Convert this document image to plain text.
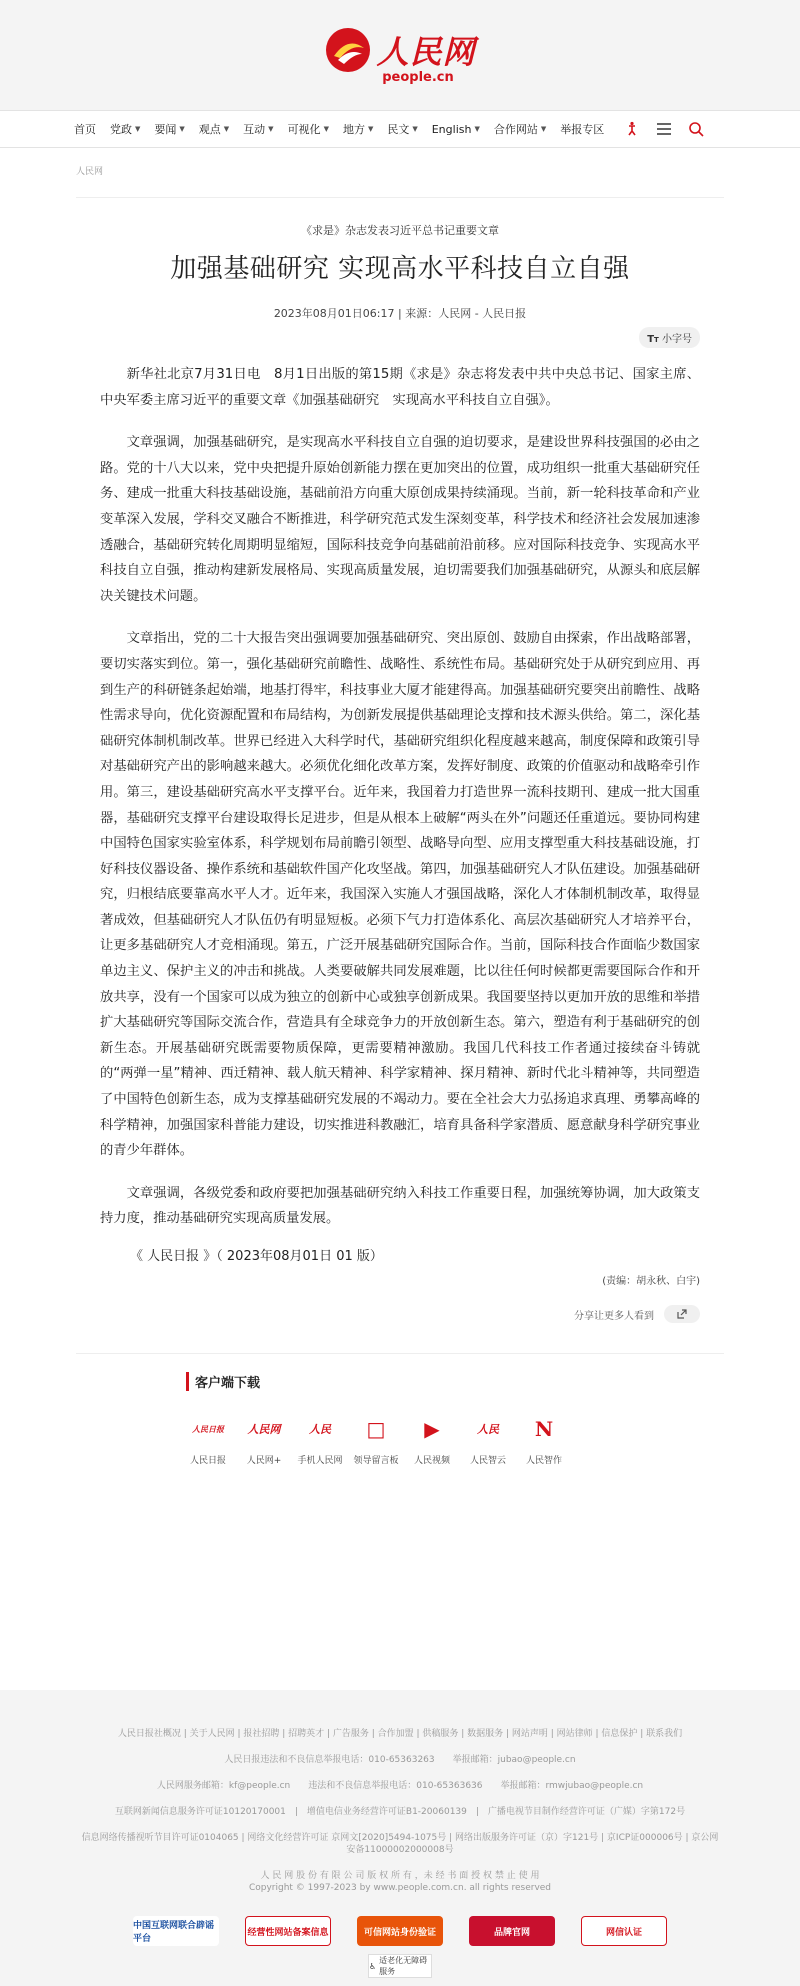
人民网
people.cn
首页 党政 ▼ 要闻 ▼ 观点 ▼ 互动 ▼ 可视化 ▼ 地方 ▼ 民文 ▼ English ▼ 合作网站 ▼ 举报专区
人民网
《求是》杂志发表习近平总书记重要文章
加强基础研究 实现高水平科技自立自强
2023年08月01日06:17 | 来源：人民网 - 人民日报
TT 小字号

新华社北京7月31日电　8月1日出版的第15期《求是》杂志将发表中共中央总书记、国家主席、中央军委主席习近平的重要文章《加强基础研究　实现高水平科技自立自强》。

文章强调，加强基础研究，是实现高水平科技自立自强的迫切要求，是建设世界科技强国的必由之路。党的十八大以来，党中央把提升原始创新能力摆在更加突出的位置，成功组织一批重大基础研究任务、建成一批重大科技基础设施，基础前沿方向重大原创成果持续涌现。当前，新一轮科技革命和产业变革深入发展，学科交叉融合不断推进，科学研究范式发生深刻变革，科学技术和经济社会发展加速渗透融合，基础研究转化周期明显缩短，国际科技竞争向基础前沿前移。应对国际科技竞争、实现高水平科技自立自强，推动构建新发展格局、实现高质量发展，迫切需要我们加强基础研究，从源头和底层解决关键技术问题。

文章指出，党的二十大报告突出强调要加强基础研究、突出原创、鼓励自由探索，作出战略部署，要切实落实到位。第一，强化基础研究前瞻性、战略性、系统性布局。基础研究处于从研究到应用、再到生产的科研链条起始端，地基打得牢，科技事业大厦才能建得高。加强基础研究要突出前瞻性、战略性需求导向，优化资源配置和布局结构，为创新发展提供基础理论支撑和技术源头供给。第二，深化基础研究体制机制改革。世界已经进入大科学时代，基础研究组织化程度越来越高，制度保障和政策引导对基础研究产出的影响越来越大。必须优化细化改革方案，发挥好制度、政策的价值驱动和战略牵引作用。第三，建设基础研究高水平支撑平台。近年来，我国着力打造世界一流科技期刊、建成一批大国重器，基础研究支撑平台建设取得长足进步，但是从根本上破解“两头在外”问题还任重道远。要协同构建中国特色国家实验室体系，科学规划布局前瞻引领型、战略导向型、应用支撑型重大科技基础设施，打好科技仪器设备、操作系统和基础软件国产化攻坚战。第四，加强基础研究人才队伍建设。加强基础研究，归根结底要靠高水平人才。近年来，我国深入实施人才强国战略，深化人才体制机制改革，取得显著成效，但基础研究人才队伍仍有明显短板。必须下气力打造体系化、高层次基础研究人才培养平台，让更多基础研究人才竞相涌现。第五，广泛开展基础研究国际合作。当前，国际科技合作面临少数国家单边主义、保护主义的冲击和挑战。人类要破解共同发展难题，比以往任何时候都更需要国际合作和开放共享，没有一个国家可以成为独立的创新中心或独享创新成果。我国要坚持以更加开放的思维和举措扩大基础研究等国际交流合作，营造具有全球竞争力的开放创新生态。第六，塑造有利于基础研究的创新生态。开展基础研究既需要物质保障，更需要精神激励。我国几代科技工作者通过接续奋斗铸就的“两弹一星”精神、西迁精神、载人航天精神、科学家精神、探月精神、新时代北斗精神等，共同塑造了中国特色创新生态，成为支撑基础研究发展的不竭动力。要在全社会大力弘扬追求真理、勇攀高峰的科学精神，加强国家科普能力建设，切实推进科教融汇，培育具备科学家潜质、愿意献身科学研究事业的青少年群体。

文章强调，各级党委和政府要把加强基础研究纳入科技工作重要日程，加强统筹协调，加大政策支持力度，推动基础研究实现高质量发展。

《 人民日报 》（ 2023年08月01日 01 版）
(责编：胡永秋、白宇)
分享让更多人看到
客户端下载
人民日报
人民日报
人民网
人民网+
人民
手机人民网
□
领导留言板
▶
人民视频
人民
人民智云
N
人民智作
人民日报社概况 | 关于人民网 | 报社招聘 | 招聘英才 | 广告服务 | 合作加盟 | 供稿服务 | 数据服务 | 网站声明 | 网站律师 | 信息保护 | 联系我们
人民日报违法和不良信息举报电话：010-65363263　　举报邮箱：jubao@people.cn
人民网服务邮箱：kf@people.cn　　违法和不良信息举报电话：010-65363636　　举报邮箱：rmwjubao@people.cn
互联网新闻信息服务许可证10120170001　|　增值电信业务经营许可证B1-20060139　|　广播电视节目制作经营许可证（广媒）字第172号
信息网络传播视听节目许可证0104065 | 网络文化经营许可证 京网文[2020]5494-1075号 | 网络出版服务许可证（京）字121号 | 京ICP证000006号 | 京公网安备11000002000008号
人 民 网 股 份 有 限 公 司 版 权 所 有 ，未 经 书 面 授 权 禁 止 使 用
Copyright © 1997-2023 by www.people.com.cn. all rights reserved
中国互联网联合辟谣平台
经营性网站备案信息	可信网站身份验证	品牌官网	网信认证
♿
适老化无障碍服务
